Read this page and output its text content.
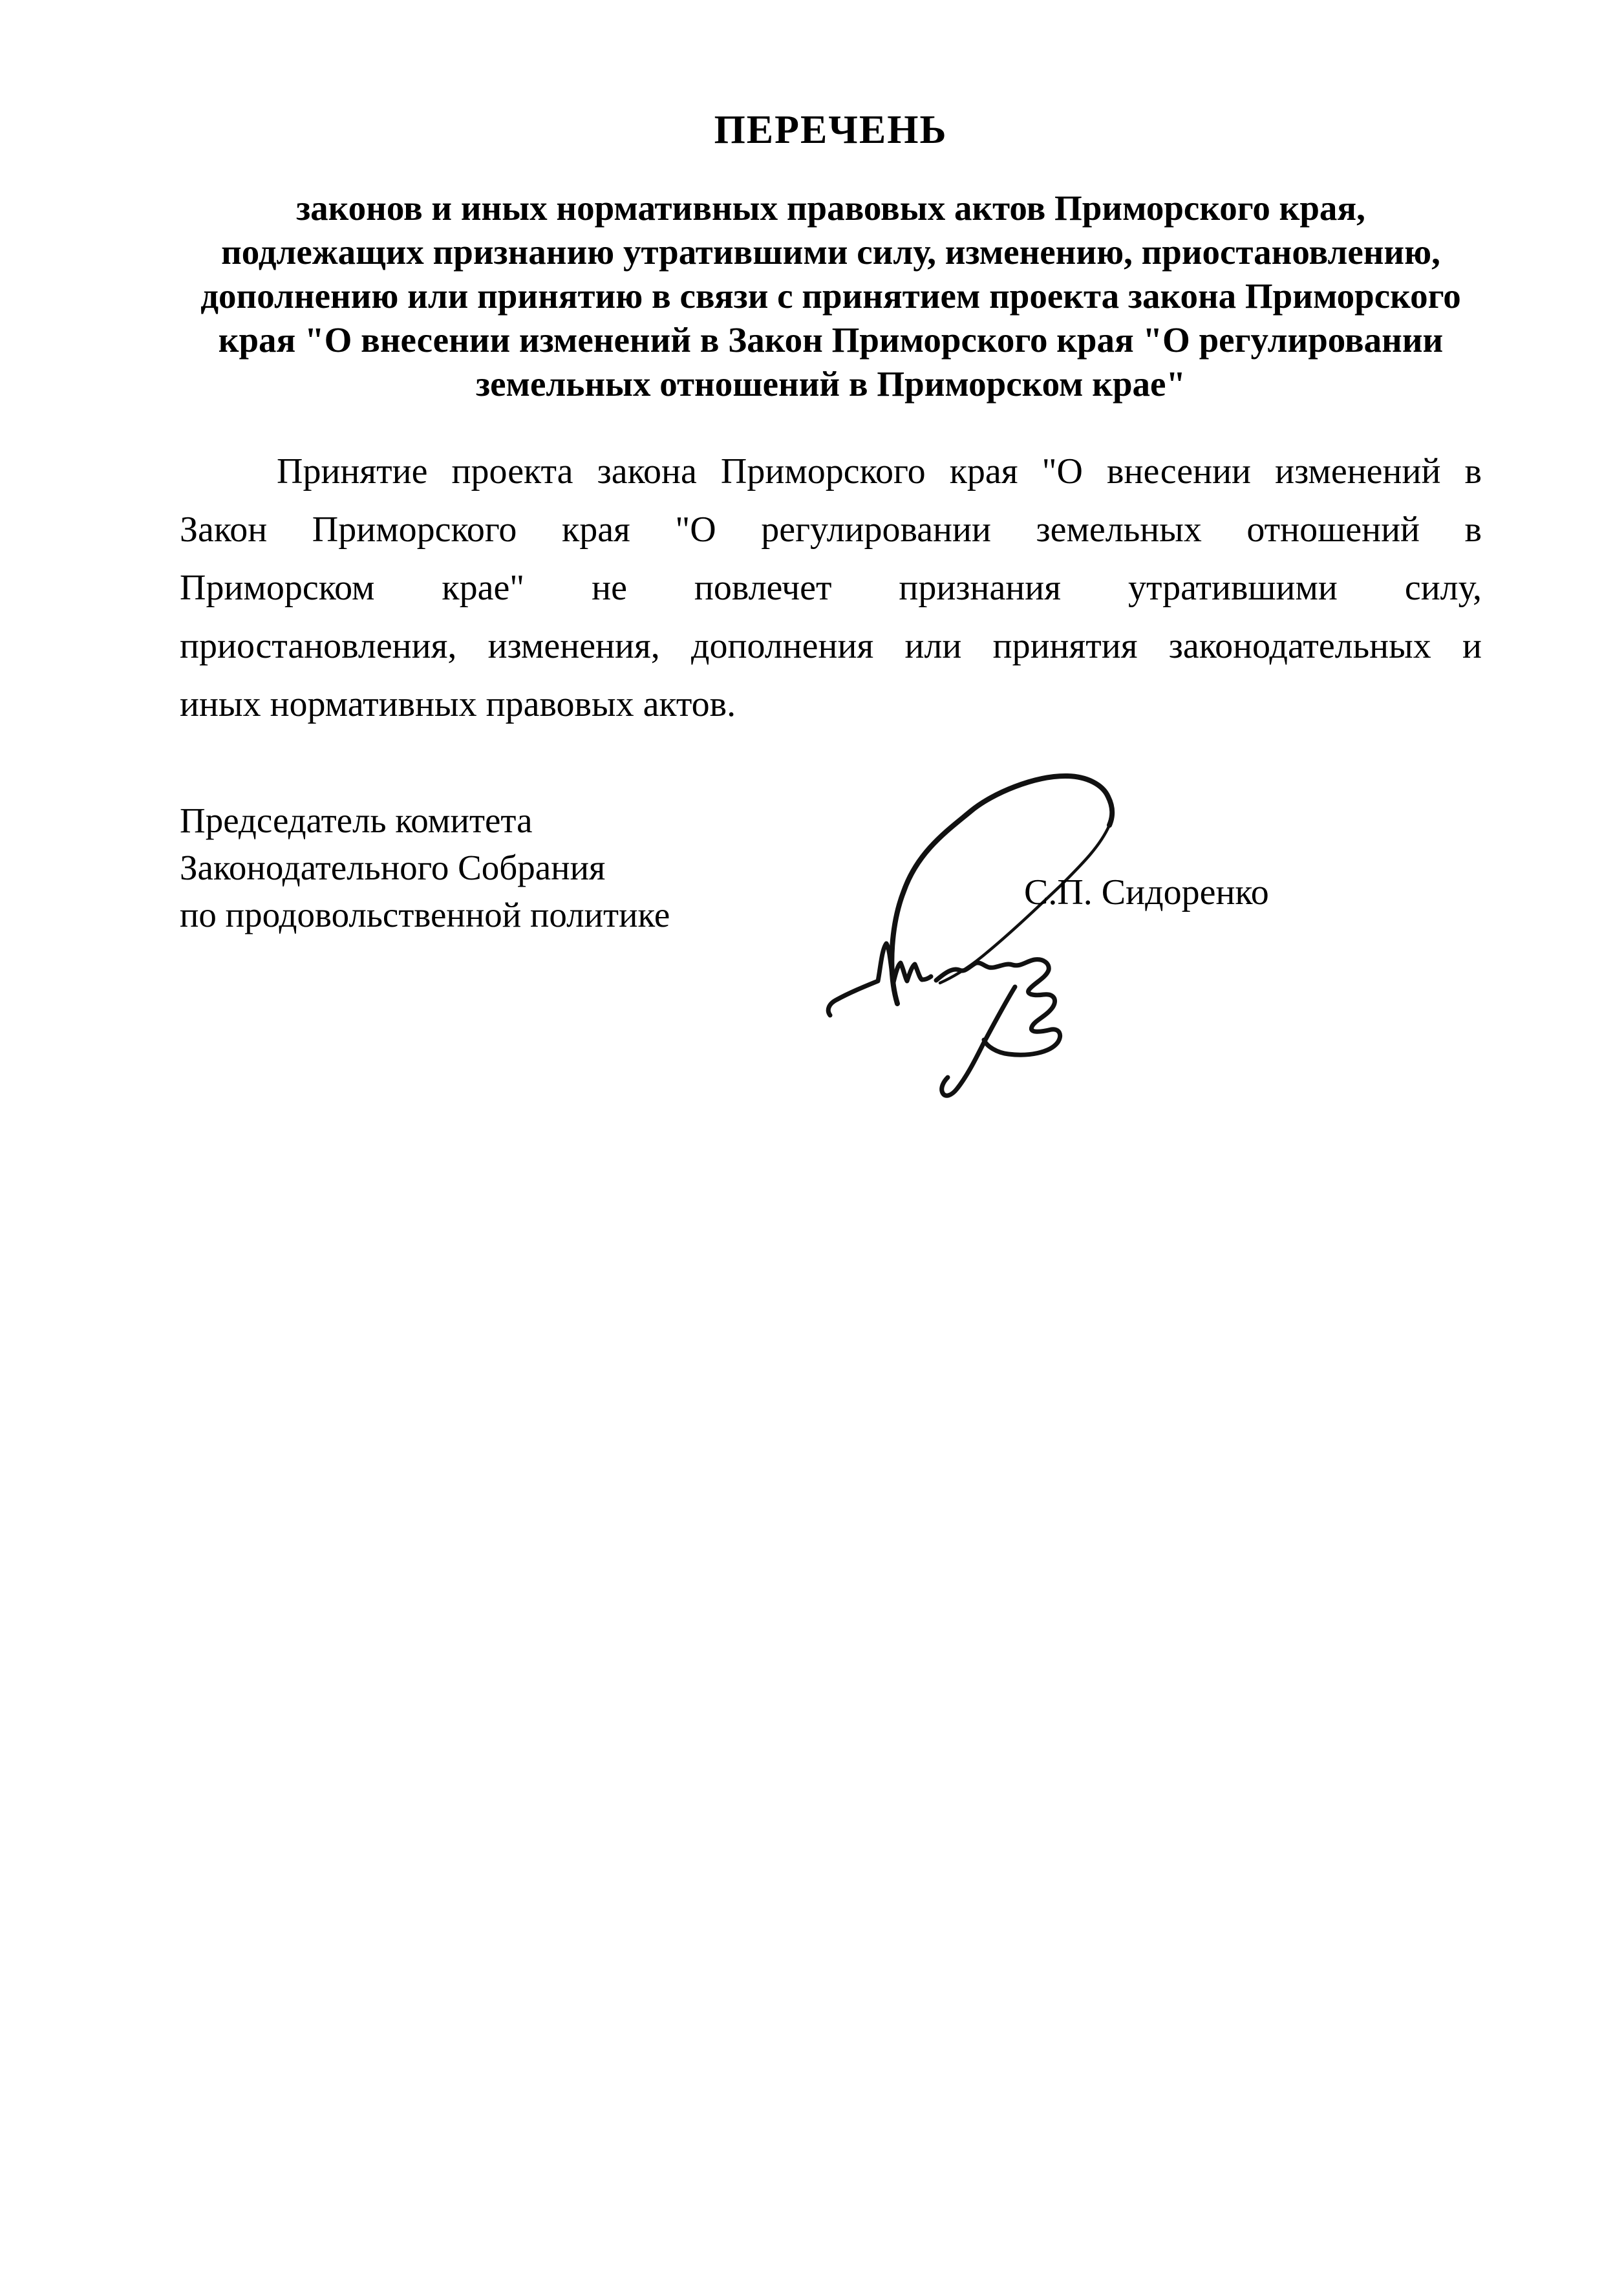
ПЕРЕЧЕНЬ
законов и иных нормативных правовых актов Приморского края,
подлежащих признанию утратившими силу, изменению, приостановлению,
дополнению или принятию в связи с принятием проекта закона Приморского
края "О внесении изменений в Закон Приморского края "О регулировании
земельных отношений в Приморском крае"
Принятие проекта закона Приморского края "О внесении изменений в
Закон Приморского края "О регулировании земельных отношений в
Приморском крае" не повлечет признания утратившими силу,
приостановления, изменения, дополнения или принятия законодательных и
иных нормативных правовых актов.
Председатель комитета
Законодательного Собрания
по продовольственной политике
С.П. Сидоренко
